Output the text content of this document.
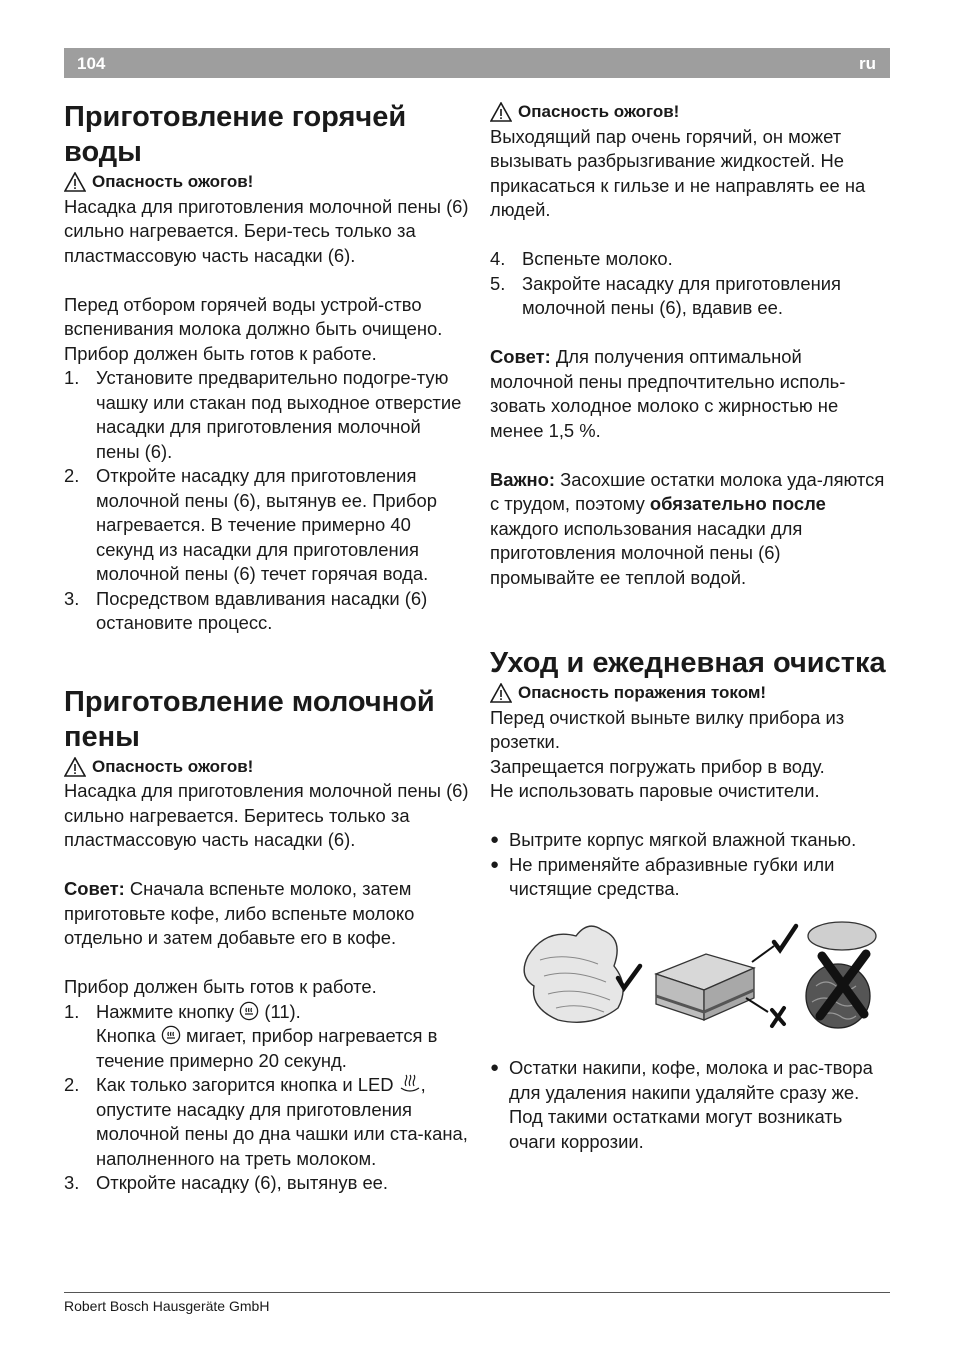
104	ru
Приготовление горячей воды
Опасность ожогов!

Насадка для приготовления молочной пены (6) сильно нагревается. Бери-тесь только за пластмассовую часть насадки (6).

Перед отбором горячей воды устрой-ство вспенивания молока должно быть очищено.

Прибор должен быть готов к работе.

1. Установите предварительно подогре-тую чашку или стакан под выходное отверстие насадки для приготовления молочной пены (6).
2. Откройте насадку для приготовления молочной пены (6), вытянув ее. Прибор нагревается. В течение примерно 40 секунд из насадки для приготовления молочной пены (6) течет горячая вода.
3. Посредством вдавливания насадки (6) остановите процесс.
Приготовление молочной пены
Опасность ожогов!

Насадка для приготовления молочной пены (6) сильно нагревается. Беритесь только за пластмассовую часть насадки (6).

Совет: Сначала вспеньте молоко, затем приготовьте кофе, либо вспеньте молоко отдельно и затем добавьте его в кофе.

Прибор должен быть готов к работе.

1. Нажмите кнопку  (11).
Кнопка  мигает, прибор нагревается в течение примерно 20 секунд.
2. Как только загорится кнопка и LED , опустите насадку для приготовления молочной пены до дна чашки или ста-кана, наполненного на треть молоком.
3. Откройте насадку (6), вытянув ее.
Опасность ожогов!

Выходящий пар очень горячий, он может вызывать разбрызгивание жидкостей. Не прикасаться к гильзе и не направлять ее на людей.

4. Вспеньте молоко.
5. Закройте насадку для приготовления молочной пены (6), вдавив ее.

Совет: Для получения оптимальной молочной пены предпочтительно исполь-зовать холодное молоко с жирностью не менее 1,5 %.

Важно: Засохшие остатки молока уда-ляются с трудом, поэтому обязательно после каждого использования насадки для приготовления молочной пены (6) промывайте ее теплой водой.

Уход и ежедневная очистка
Опасность поражения током!

Перед очисткой выньте вилку прибора из розетки.

Запрещается погружать прибор в воду.

Не использовать паровые очистители.

● Вытрите корпус мягкой влажной тканью.
● Не применяйте абразивные губки или чистящие средства.
● Остатки накипи, кофе, молока и рас-твора для удаления накипи удаляйте сразу же. Под такими остатками могут возникать очаги коррозии.
Robert Bosch Hausgeräte GmbH
